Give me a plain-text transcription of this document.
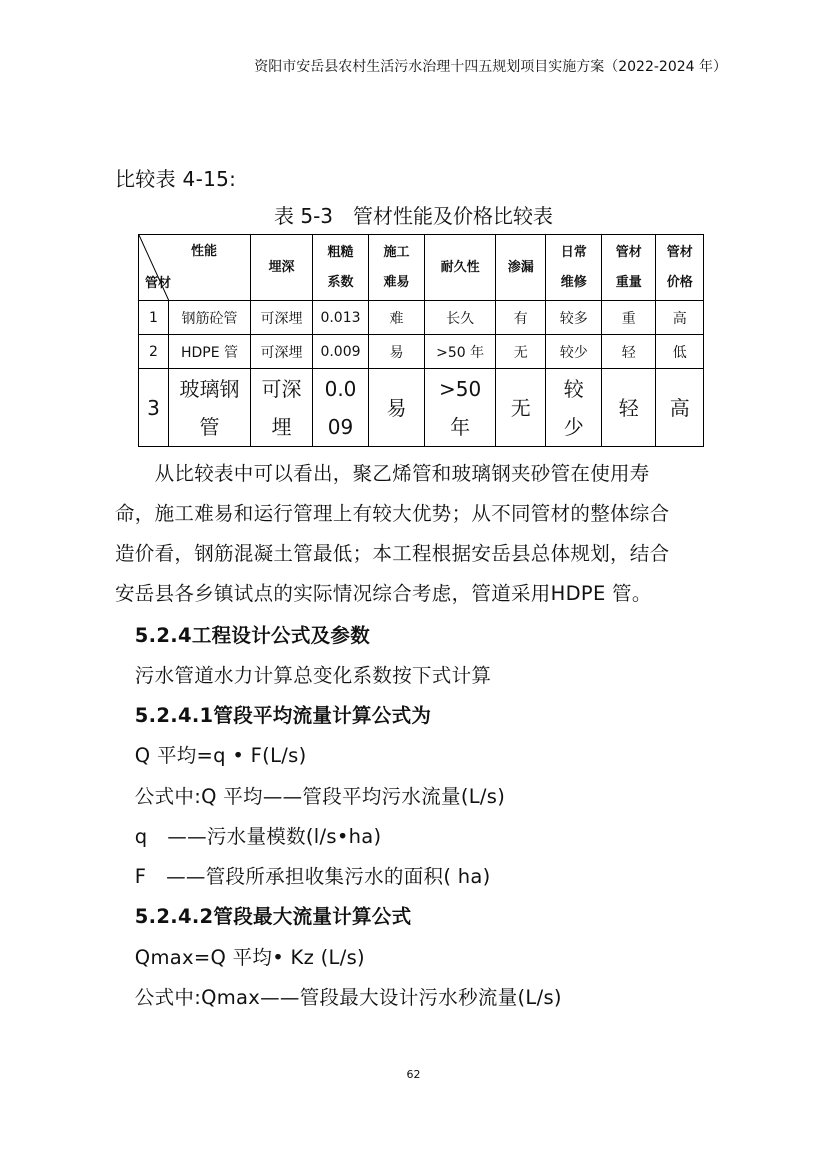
资阳市安岳县农村生活污水治理十四五规划项目实施方案（2022-2024 年）
比较表 4-15:
表 5-3　管材性能及价格比较表
性能
管材		埋深	粗糙系数	施工难易	耐久性	渗漏	日常维修	管材重量	管材价格

1	钢筋砼管	可深埋	0.013	难	长久	有	较多	重	高
2	HDPE 管	可深埋	0.009	易	>50 年	无	较少	轻	低
3	玻璃钢管	可深埋	0.009	易	>50年	无	较少	轻	高
　　从比较表中可以看出，聚乙烯管和玻璃钢夹砂管在使用寿
命，施工难易和运行管理上有较大优势；从不同管材的整体综合
造价看，钢筋混凝土管最低；本工程根据安岳县总体规划，结合
安岳县各乡镇试点的实际情况综合考虑，管道采用HDPE 管。
　5.2.4工程设计公式及参数
　污水管道水力计算总变化系数按下式计算
　5.2.4.1管段平均流量计算公式为
　Q 平均=q • F(L/s)
　公式中:Q 平均——管段平均污水流量(L/s)
　q　——污水量模数(l/s•ha)
　F　——管段所承担收集污水的面积( ha)
　5.2.4.2管段最大流量计算公式
　Qmax=Q 平均• Kz (L/s)
　公式中:Qmax——管段最大设计污水秒流量(L/s)
62
